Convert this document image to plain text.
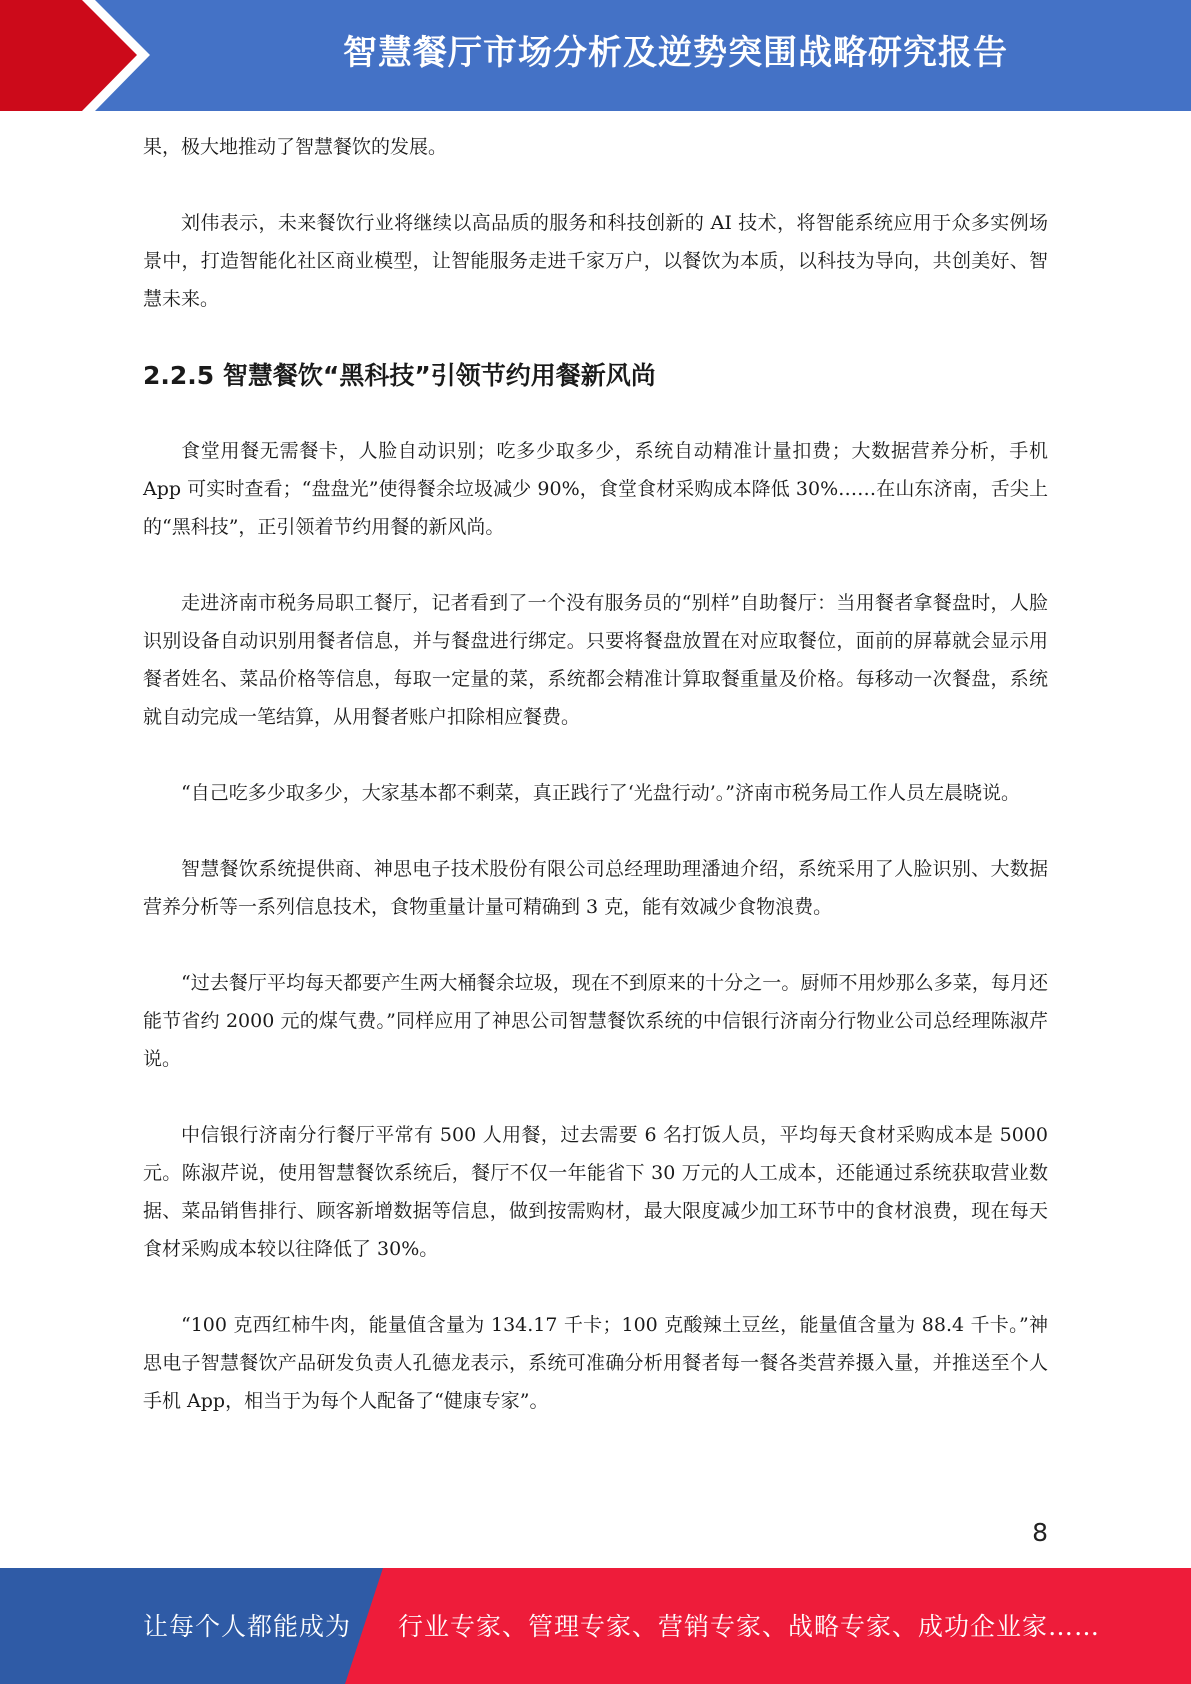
智慧餐厅市场分析及逆势突围战略研究报告

果，极大地推动了智慧餐饮的发展。

刘伟表示，未来餐饮行业将继续以高品质的服务和科技创新的 AI 技术，将智能系统应用于众多实例场景中，打造智能化社区商业模型，让智能服务走进千家万户，以餐饮为本质，以科技为导向，共创美好、智慧未来。

2.2.5 智慧餐饮“黑科技”引领节约用餐新风尚

食堂用餐无需餐卡，人脸自动识别；吃多少取多少，系统自动精准计量扣费；大数据营养分析，手机 App 可实时查看；“盘盘光”使得餐余垃圾减少 90%，食堂食材采购成本降低 30%……在山东济南，舌尖上的“黑科技”，正引领着节约用餐的新风尚。

走进济南市税务局职工餐厅，记者看到了一个没有服务员的“别样”自助餐厅：当用餐者拿餐盘时，人脸识别设备自动识别用餐者信息，并与餐盘进行绑定。只要将餐盘放置在对应取餐位，面前的屏幕就会显示用餐者姓名、菜品价格等信息，每取一定量的菜，系统都会精准计算取餐重量及价格。每移动一次餐盘，系统就自动完成一笔结算，从用餐者账户扣除相应餐费。

“自己吃多少取多少，大家基本都不剩菜，真正践行了‘光盘行动’。”济南市税务局工作人员左晨晓说。

智慧餐饮系统提供商、神思电子技术股份有限公司总经理助理潘迪介绍，系统采用了人脸识别、大数据营养分析等一系列信息技术，食物重量计量可精确到 3 克，能有效减少食物浪费。

“过去餐厅平均每天都要产生两大桶餐余垃圾，现在不到原来的十分之一。厨师不用炒那么多菜，每月还能节省约 2000 元的煤气费。”同样应用了神思公司智慧餐饮系统的中信银行济南分行物业公司总经理陈淑芹说。

中信银行济南分行餐厅平常有 500 人用餐，过去需要 6 名打饭人员，平均每天食材采购成本是 5000 元。陈淑芹说，使用智慧餐饮系统后，餐厅不仅一年能省下 30 万元的人工成本，还能通过系统获取营业数据、菜品销售排行、顾客新增数据等信息，做到按需购材，最大限度减少加工环节中的食材浪费，现在每天食材采购成本较以往降低了 30%。

“100 克西红柿牛肉，能量值含量为 134.17 千卡；100 克酸辣土豆丝，能量值含量为 88.4 千卡。”神思电子智慧餐饮产品研发负责人孔德龙表示，系统可准确分析用餐者每一餐各类营养摄入量，并推送至个人手机 App，相当于为每个人配备了“健康专家”。

8
让每个人都能成为 行业专家、管理专家、营销专家、战略专家、成功企业家……
